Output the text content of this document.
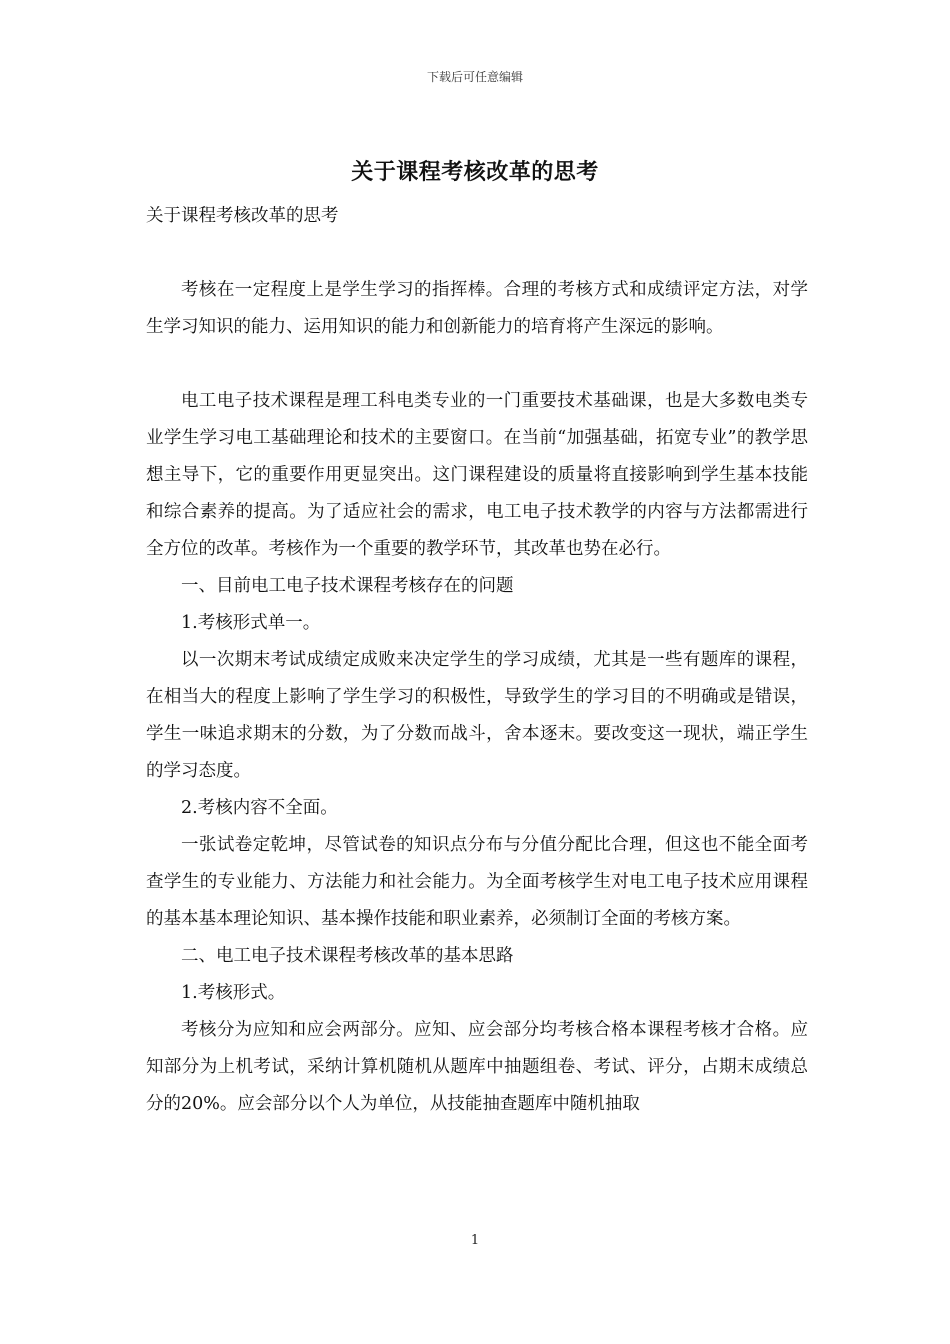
下载后可任意编辑
关于课程考核改革的思考

关于课程考核改革的思考

考核在一定程度上是学生学习的指挥棒。合理的考核方式和成绩评定方法，对学生学习知识的能力、运用知识的能力和创新能力的培育将产生深远的影响。

电工电子技术课程是理工科电类专业的一门重要技术基础课，也是大多数电类专业学生学习电工基础理论和技术的主要窗口。在当前“加强基础，拓宽专业”的教学思想主导下，它的重要作用更显突出。这门课程建设的质量将直接影响到学生基本技能和综合素养的提高。为了适应社会的需求，电工电子技术教学的内容与方法都需进行全方位的改革。考核作为一个重要的教学环节，其改革也势在必行。

一、目前电工电子技术课程考核存在的问题

1.考核形式单一。

以一次期末考试成绩定成败来决定学生的学习成绩，尤其是一些有题库的课程，在相当大的程度上影响了学生学习的积极性，导致学生的学习目的不明确或是错误，学生一味追求期末的分数，为了分数而战斗，舍本逐末。要改变这一现状，端正学生的学习态度。

2.考核内容不全面。

一张试卷定乾坤，尽管试卷的知识点分布与分值分配比合理，但这也不能全面考查学生的专业能力、方法能力和社会能力。为全面考核学生对电工电子技术应用课程的基本基本理论知识、基本操作技能和职业素养，必须制订全面的考核方案。

二、电工电子技术课程考核改革的基本思路

1.考核形式。

考核分为应知和应会两部分。应知、应会部分均考核合格本课程考核才合格。应知部分为上机考试，采纳计算机随机从题库中抽题组卷、考试、评分，占期末成绩总分的20%。应会部分以个人为单位，从技能抽查题库中随机抽取

1
